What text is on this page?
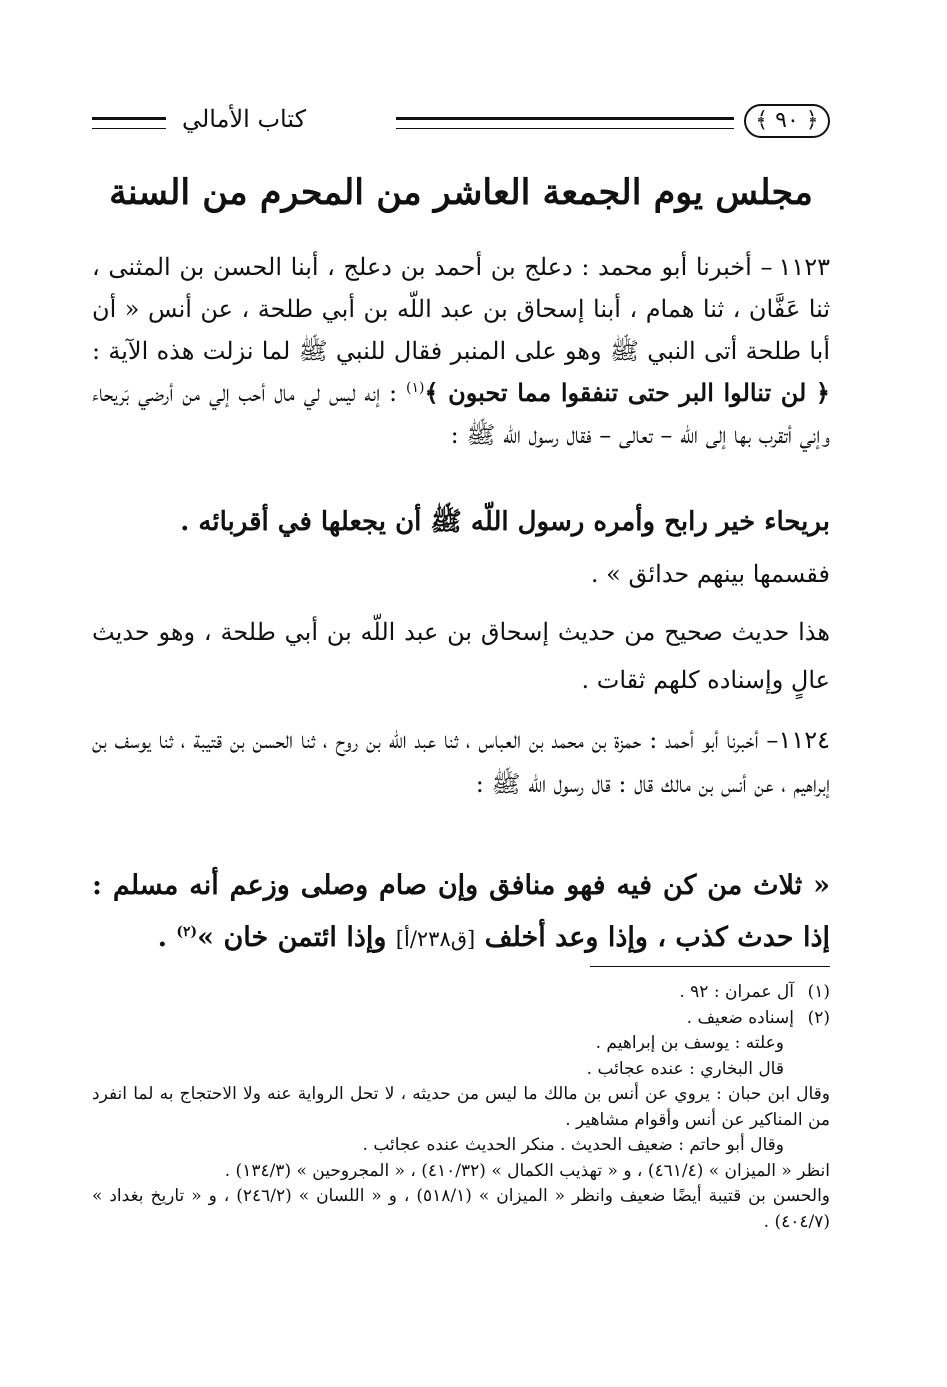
﴿ ٩٠ ﴾
كتاب الأمالي
مجلس يوم الجمعة العاشر من المحرم من السنة
١١٢٣– أخبرنا أبو محمد : دعلج بن أحمد بن دعلج ، أبنا الحسن بن المثنى ، ثنا عَفَّان ، ثنا همام ، أبنا إسحاق بن عبد اللّه بن أبي طلحة ، عن أنس « أن أبا طلحة أتى النبي ﷺ وهو على المنبر فقال للنبي ﷺ لما نزلت هذه الآية : ﴿ لن تنالوا البر حتى تنفقوا مما تحبون ﴾$^{(١)}$ : إنه ليس لي مال أحب إلي من أرضي بَريحاء وإني أتقرب بها إلى اللّه – تعالى – فقال رسول اللّه ﷺ :
بريحاء خير رابح وأمره رسول اللّه ﷺ أن يجعلها في أقربائه .
فقسمها بينهم حدائق » .
هذا حديث صحيح من حديث إسحاق بن عبد اللّه بن أبي طلحة ، وهو حديث عالٍ وإسناده كلهم ثقات .
١١٢٤– أخبرنا أبو أحمد : حمزة بن محمد بن العباس ، ثنا عبد اللّه بن روح ، ثنا الحسن بن قتيبة ، ثنا يوسف بن إبراهيم ، عن أنس بن مالك قال : قال رسول اللّه ﷺ :
« ثلاث من كن فيه فهو منافق وإن صام وصلى وزعم أنه مسلم : إذا حدث كذب ، وإذا وعد أخلف [ق٢٣٨/أ] وإذا ائتمن خان »$^{(٢)}$ .
(١)آل عمران : ٩٢ .
(٢)إسناده ضعيف .
وعلته : يوسف بن إبراهيم .
قال البخاري : عنده عجائب .
وقال ابن حبان : يروي عن أنس بن مالك ما ليس من حديثه ، لا تحل الرواية عنه ولا الاحتجاج به لما انفرد من المناكير عن أنس وأقوام مشاهير .
وقال أبو حاتم : ضعيف الحديث . منكر الحديث عنده عجائب .
انظر « الميزان » (٤٦١/٤) ، و « تهذيب الكمال » (٤١٠/٣٢) ، « المجروحين » (١٣٤/٣) .
والحسن بن قتيبة أيضًا ضعيف وانظر « الميزان » (٥١٨/١) ، و « اللسان » (٢٤٦/٢) ، و « تاريخ بغداد » (٤٠٤/٧) .
